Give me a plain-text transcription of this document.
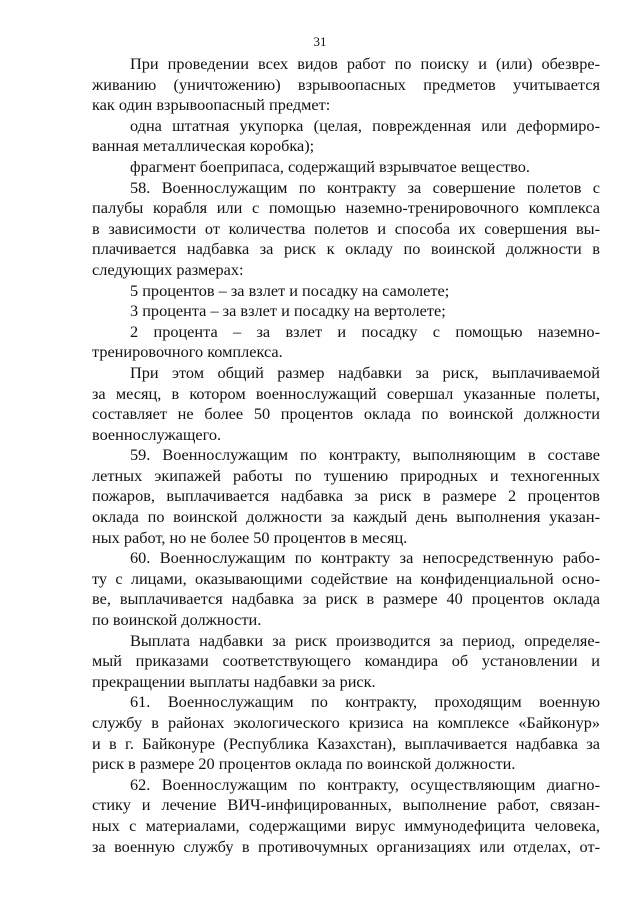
31
При проведении всех видов работ по поиску и (или) обезвре-
живанию (уничтожению) взрывоопасных предметов учитывается
как один взрывоопасный предмет:
одна штатная укупорка (целая, поврежденная или деформиро-
ванная металлическая коробка);
фрагмент боеприпаса, содержащий взрывчатое вещество.
58. Военнослужащим по контракту за совершение полетов с
палубы корабля или с помощью наземно-тренировочного комплекса
в зависимости от количества полетов и способа их совершения вы-
плачивается надбавка за риск к окладу по воинской должности в
следующих размерах:
5 процентов – за взлет и посадку на самолете;
3 процента – за взлет и посадку на вертолете;
2 процента – за взлет и посадку с помощью наземно-
тренировочного комплекса.
При этом общий размер надбавки за риск, выплачиваемой
за месяц, в котором военнослужащий совершал указанные полеты,
составляет не более 50 процентов оклада по воинской должности
военнослужащего.
59. Военнослужащим по контракту, выполняющим в составе
летных экипажей работы по тушению природных и техногенных
пожаров, выплачивается надбавка за риск в размере 2 процентов
оклада по воинской должности за каждый день выполнения указан-
ных работ, но не более 50 процентов в месяц.
60. Военнослужащим по контракту за непосредственную рабо-
ту с лицами, оказывающими содействие на конфиденциальной осно-
ве, выплачивается надбавка за риск в размере 40 процентов оклада
по воинской должности.
Выплата надбавки за риск производится за период, определяе-
мый приказами соответствующего командира об установлении и
прекращении выплаты надбавки за риск.
61. Военнослужащим по контракту, проходящим военную
службу в районах экологического кризиса на комплексе «Байконур»
и в г. Байконуре (Республика Казахстан), выплачивается надбавка за
риск в размере 20 процентов оклада по воинской должности.
62. Военнослужащим по контракту, осуществляющим диагно-
стику и лечение ВИЧ-инфицированных, выполнение работ, связан-
ных с материалами, содержащими вирус иммунодефицита человека,
за военную службу в противочумных организациях или отделах, от-
